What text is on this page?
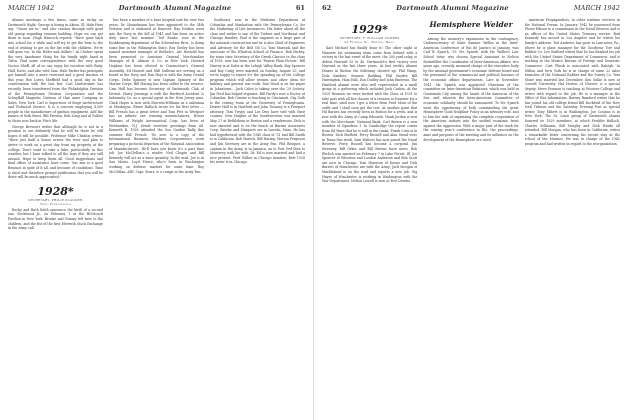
MARCH 1942	Dartmouth Alumni Magazine	61

Alumni meetings a few times, same as ex-lay on Dartmouth Night, George is hiring in Akron, Ill. Hale Hess say: "Guess me in," and also crashes through with good old gossip regarding reunion building. Hope we can get them in soon. Hugh Hancock reports: "Have gone back into school for a while and will try to get the bear to the end of wishing to get on the list with the children. We're still gone too. In the Hitler and dollars." At Chalvor spent the very handsome thing for his family right hand in Tulsa. Had some correspondence with the very good Doctor Sheff, all of us can enjoy his vacation with Rudy, Hall, Davis, and also with Sam. Hale Parker has principals got himself into a more reverend and a good fraction of this year. But Loren Sheffield had a good day in the conversation with the last few. Carl Lindstromer has recently been transferred from the Philadelphia Division of the Pennsylvania Division Corporation and the Schuylkill Magnetic Division of that same Company as Sales. New York. Carl is Supervisor of Stage Architecture and Technical Service. It is a concern employing 4,500 people in the manufacture of ignition equipment. Add the names of Seth Brest, Bill Preston, Bob Long and Al Fulder to those now back in Fitz's life.

George Brevoort writes that although he is not in a position to see definitely that he will be there he still hopes it will be possible. Professor Mike Chealon writes: "Have just built a house across the river and plan to arrive to work on a great day from my property at the college. Don't want to take a hike, particularly in this weather, but I have talked to all the boys if they are still around. Hope to keep them all. Good suggestions and kind offers of assistance have come. Our aim is a good Reunion in spite of it all, and because of conditions. Time is short and therefore prompt notification that you will be there will be much appreciated."

1928*
SECRETARY, PHILIP KLAUDER
Troy, Pennsylvania

Rocky and Ruth Keith announce the birth of a second son, Rockwood Jr., on February 1 at the Hitchcock Pavilion in New York. Brooke and Tommy left here to the children, and the fist of the first Eleventh Stock Exchange in the Army call.

has been a member of a base hospital unit for over two years. Dr. Hasselmann has been appointed to the 34th Division and is stationed at Hanover. Ray Hodson went into the Navy in the fall of 1941 and has been on active duty since last summer. Ted Ranke, now in the bookkeeping department of the Schwartzer Bros., is doing some fine in the Wilmington State. Ray Seeley has been named assistant manager of Bullock's. Art Hassold has been promoted to Assistant General Merchandise Manager of B. Altman & Co. in New York. Howard Hopkins has been elected to Connecticut's General Assembly. Ed Hassett and Milt Sullivan are serving on a board in the Navy and Dan Hoyt is with the Army Dental Corps. Hebe Spinney is now Captain Spinney of the Marine Corps. Bill Haring has been called to the reserve. Cam Hall has become Secretary of Dartmouth Club of Detroit. Harry Jennings is with the Hartford Accident & Indemnity Co. as a special agent in the New Jersey area. Clark Hayes is now with Sherwin-Williams as a salesman at Muskegon. Elmer Hallock wrote it's his first letter — Bill French has a great letter and Tom Pett in Westport has an infinite one wearing nomenclatures. Howie Williams of Wright Aeronautical Corp. has been at Weehawken, N.J. Sends sweetest greetings from all. Kenneth B. 1928 attended the Sea Garden Rally this summer. Bill French: 'Go now to a copy of the International Business Machine Corporation's work preparing a pictorial depiction of the National Association of Manufacturers.' He'll have you know it's a part time job. Joe McClellan's a reader. Ned Chapin and Bill Kennedy will act as a more quantity. In the mail, Joe is in San Mateo. Loyd Pierce, who's been in Washington working on defense matters for some time. Roy McClellan, ARC Capt. Sears, is a cosign in the Army Fan.

Southeast, now in the Medicine Department at Columbia and Manhattan with the Pennsylvania Co. for the Marketing of Life Insurances. His letter about all the class and rather is one of the Trident and Northeast and Chicago families. Paul is the engineer in a large part of the national construction and he is also Chief of Engineers and Advisory for the Bell Oil Co. Tom Marnick and the associate of the Wharton School of Finance. Bob Hickey, for some time Secretary of the Greek Classics in the class of 1928, now has been sent for 'Prairie Plain Fiction.' Bill Harvey is at Sales at the Lehigh Valley Bank. Ray Spencer and Ray Craig were married on Sunday, August 20, and we're happy to report it's the spending up of the College program which will allow women and other ideas for military and general war work. Dan Wood is on his paper in Johnstown... Jack Cabot is taking over the '29 Society. Jim Ford has helped organize. Bill Purdy's now a Doctor at Columbia. Bob Greene is teaching in Cincinnati. Gig Goth is the rowing team at the University of Pennsylvania. Dexter Hall is in Hartford and John Twomey is a Freeport attorney. Tom Twyny and Lor Deis have tied with their cousins. Now Hughes of the Southwestern was married May 27 at Bethlehem in Boston and a rendezvous, Dick is now married and is on the beach at Barnes Associates Corp. Brooke and Margaret are in Lincoln, Mass. He has had hypothetical with the 1940 class of '31 and Bill Smith is in California. Bob Wareck, Bill Haring, Morton Ferguson and Jim Sweeney are in the Army Fan. Phil Bosquet, a captain in the Army, is in Jamaica, on to Fort Ord then to Monterey with his wife. Dr. Ed is now married and had a nice present. Fred Wilber in Chicago Aviation; Bert 1928 his sister is in Chicago.

62	Dartmouth Alumni Magazine	MARCH 1942
1929*
SECRETARY, F. WILLIAM ANDRES
23 Federal St., Boston, Mass.

Karl Michael has finally done it! The other night at Hanover his swimming team come from behind with a victory in the last event of the meet, the 300 yard relay, to defeat Harvard 35 to 40. Dartmouth's first victory over Harvard in the last three years. At last week's Alumni Dinner in Boston the following showed up: Phil Stimp, Dick Sanders, Sumner Redding, Phil Snyder, Bill Harrington, Ham Hall, Don Dudley and John Emerson. The Hartford alumni were also well represented in a small group at a gathering which included Jack Cashin. At the 1929 Reunion we were invited with the Class of 1931 to take part with all five classes of a reunion at Hanover for a real time, until now I get a letter from Fred Moss of the outfit and I shall soon get the rest. At another point that Hil Barnes has recently been in Boston for a week, and is now with the Army at Camp Edwards. Hank Jordan is now with the Merchants' National Bank, Carl Brown is a new member of Squadron 1. In Cambridge the report comes from Ed Ware that he is still in the ranks. Frank Cone is in Boston. Dick Stafford, Percy Russell and Alan Stead were in Texas this week. Sam Walters has now joined the Naval Reserve, Percy Russell has become a corporal. Jim Sweeney, Bill Orkin and Bill Berens have news. Bob Ehrlich was married on February 7 in Lake Forest, Ill. Joe Spencer of Wheaton and Loudon Anderson and Bob Scott are now in Chicago. Tom Harrison of Keene and Dick Barrett of Manchester are with the Army; Jack Morgan of Marblehead is on the road and reports a new job. Gig Hayes of Winchester is working in Washington with the War Department. Nelson Lowell is now at Fort Devens.

Hemisphere Welder

Among the memory's expansions in the contingency, Undersecretary of State Sumner Welles in the Inter-American Conference of Rio de Janeiro in January, was Carl B. Spaeth, '29. Mr. Spaeth, with Mr. Welles's Law School tutor, was chosen Special Assistant to Nelson Rockefeller the Coordinator of Inter-American Affairs, two years ago, recently assumed charge of the executive body by the national government's economic defense board and the personnel of the commercial and political bureaus of the economic affairs departments. Late in November 1941, Mr. Spaeth was appointed Chairman of the committee on Inter-American Relations, which was held in Guatemala City among the heads of the Americas of the Sea, and wherein the Inter-American Committee of economic solidarity should be announced. To Mr. Spaeth went the opportunity of both commanding the great Hemisphere Good Neighbor Policy in an advisory role, and to him the task of organizing the complete cooperation of the American nations into the unified economic front against the aggression. With a major part of the work for the coming year's conference in Rio, the proceedings, aims and purposes of the meeting and its influence on the development of the Hemisphere are cited.

American Propagandists, in other wartime services in the National Forum. In January 1942 he possessed from Phone Edison to a commission in the Naval Reserve and is an officer of the United States Treasury service. Bud Kennedy has moved to Los Angeles and he writes his family's address. Ted Andrews has gone to Lancaster, Pa., where he is plant manager for the Goodyear Tire and Rubber Co. Lee Stafford writes that he has finished his job with the United States Department of Commerce, and is working in the Mexico Bureau of Foreign and Domestic Commerce. Cart Plinsk is associated with Raleigh. In Milton and New York he is in charge of some 22 sales branches of the National Rubber and the Surety Co. Tom Stone was married last December. Ken Sulke is now at Cornell University. Hal Horton of Chester is a special deputy. Steve Pousson is teaching at Wooster College and writes with regard to the job. He is a manager in the Office of War Information. Barney Rumford writes that he has joined his old college friend Bill Rockford of the New York Tribune and the Saturday Evening Post as special writer. Tony Ebbett is in Washington; Joe Cosinus is in New York. The St. Louis group of Dartmouth alumni honored its 1929 members, at which Freddie Hallock, Charles Sellmann, Bill Murphy and Dick Weeks all attended. Bill Morgan, who has been in California, writes a remarkable letter concerning his recent stay at the school of the Marines. He was in charge of the 1942 program and had written in regard to the reorganization.
